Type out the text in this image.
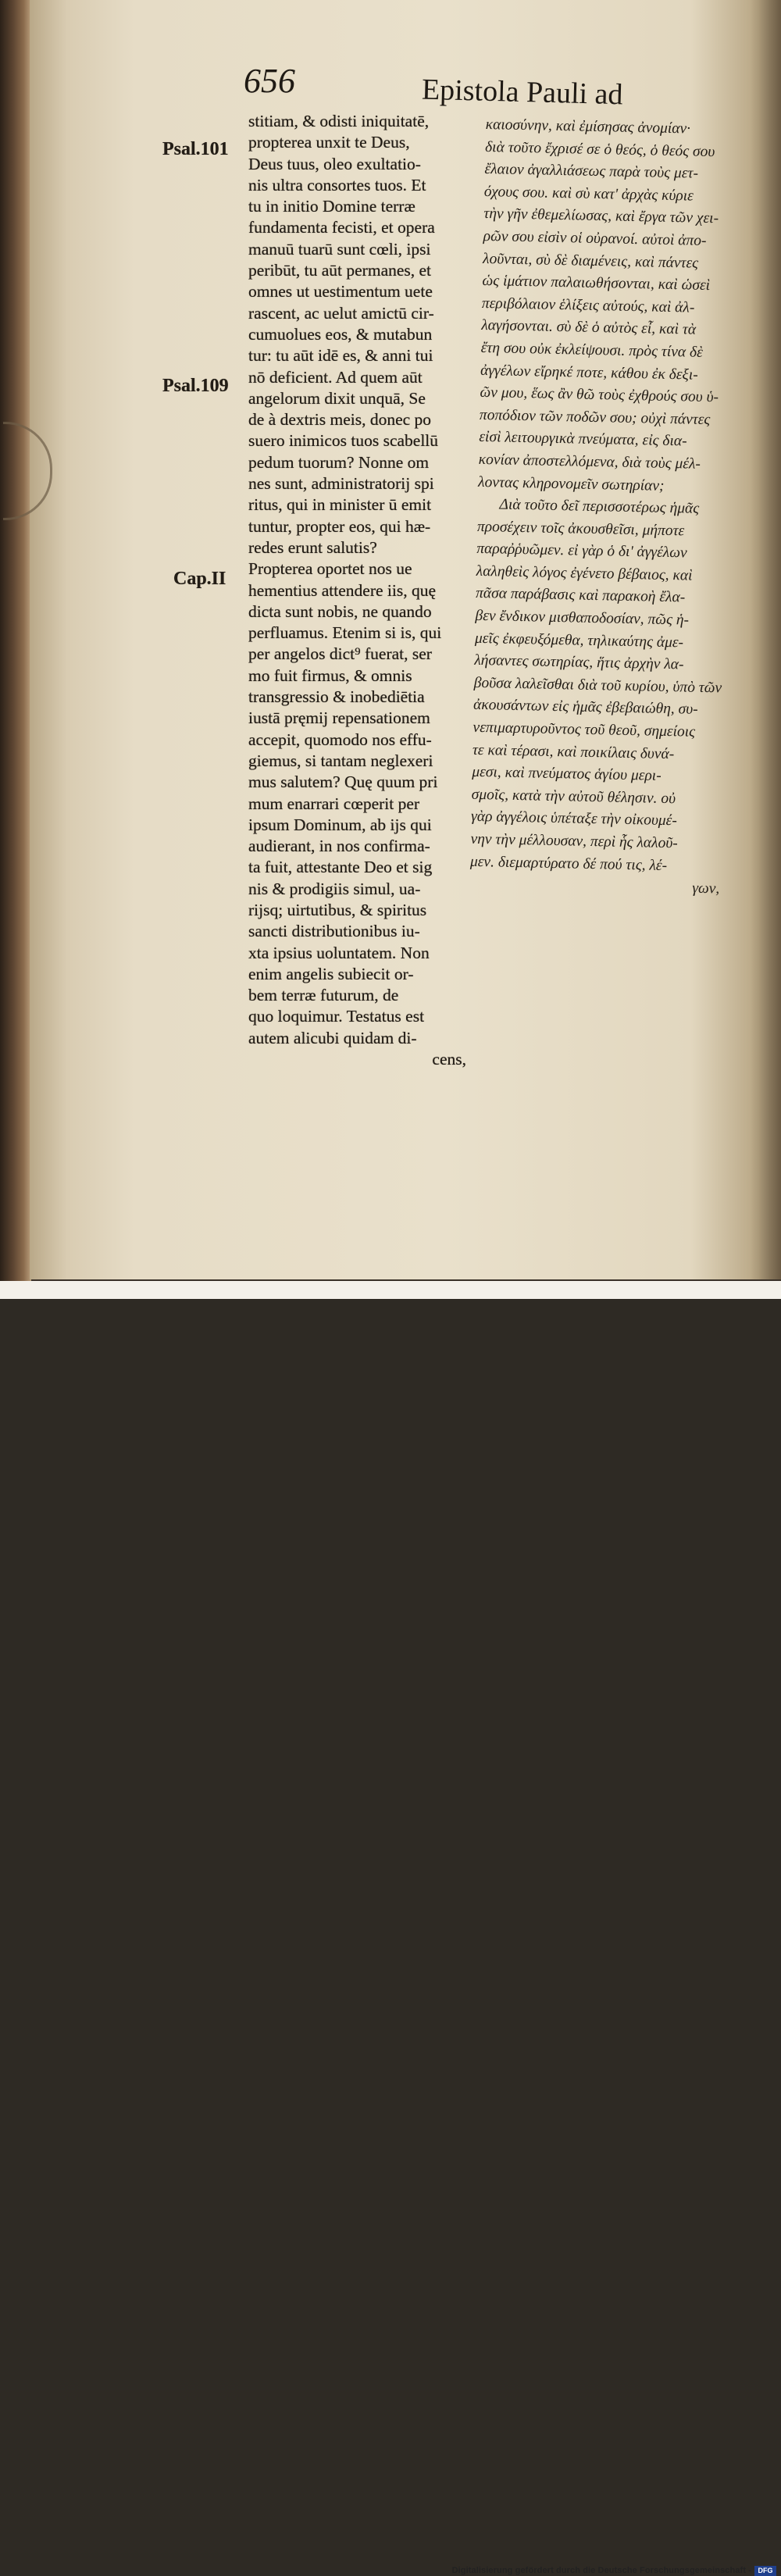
656	Epistola Pauli ad
Psal.101
Psal.109
Cap.II
stitiam, & odisti iniquitatē,
propterea unxit te Deus,
Deus tuus, oleo exultatio-
nis ultra consortes tuos. Et
tu in initio Domine terræ
fundamenta fecisti, et opera
manuū tuarū sunt cœli, ipsi
peribūt, tu aūt permanes, et
omnes ut uestimentum uete
rascent, ac uelut amictū cir-
cumuolues eos, & mutabun
tur: tu aūt idē es, & anni tui
nō deficient. Ad quem aūt
angelorum dixit unquā, Se
de à dextris meis, donec po
suero inimicos tuos scabellū
pedum tuorum? Nonne om
nes sunt, administratorij spi
ritus, qui in minister ū emit
tuntur, propter eos, qui hæ-
redes erunt salutis?
Propterea oportet nos ue
hementius attendere iis, quę
dicta sunt nobis, ne quando
perfluamus. Etenim si is, qui
per angelos dict⁹ fuerat, ser
mo fuit firmus, & omnis
transgressio & inobediētia
iustā pręmij repensationem
accepit, quomodo nos effu-
giemus, si tantam neglexeri
mus salutem? Quę quum pri
mum enarrari cœperit per
ipsum Dominum, ab ijs qui
audierant, in nos confirma-
ta fuit, attestante Deo et sig
nis & prodigiis simul, ua-
rijsq; uirtutibus, & spiritus
sancti distributionibus iu-
xta ipsius uoluntatem. Non
enim angelis subiecit or-
bem terræ futurum, de
quo loquimur. Testatus est
autem alicubi quidam di-
cens,
καιοσύνην, καὶ ἐμίσησας ἀνομίαν·
διὰ τοῦτο ἔχρισέ σε ὁ θεός, ὁ θεός σου
ἔλαιον ἀγαλλιάσεως παρὰ τοὺς μετ-
όχους σου. καὶ σὺ κατ' ἀρχὰς κύριε
τὴν γῆν ἐθεμελίωσας, καὶ ἔργα τῶν χει-
ρῶν σου εἰσὶν οἱ οὐρανοί. αὐτοὶ ἀπο-
λοῦνται, σὺ δὲ διαμένεις, καὶ πάντες
ὡς ἱμάτιον παλαιωθήσονται, καὶ ὡσεὶ
περιβόλαιον ἑλίξεις αὐτούς, καὶ ἀλ-
λαγήσονται. σὺ δὲ ὁ αὐτὸς εἶ, καὶ τὰ
ἔτη σου οὐκ ἐκλείψουσι. πρὸς τίνα δὲ
ἀγγέλων εἴρηκέ ποτε, κάθου ἐκ δεξι-
ῶν μου, ἕως ἂν θῶ τοὺς ἐχθρούς σου ὑ-
ποπόδιον τῶν ποδῶν σου; οὐχὶ πάντες
εἰσὶ λειτουργικὰ πνεύματα, εἰς δια-
κονίαν ἀποστελλόμενα, διὰ τοὺς μέλ-
λοντας κληρονομεῖν σωτηρίαν;
Διὰ τοῦτο δεῖ περισσοτέρως ἡμᾶς
προσέχειν τοῖς ἀκουσθεῖσι, μήποτε
παραῤῥυῶμεν. εἰ γὰρ ὁ δι' ἀγγέλων
λαληθεὶς λόγος ἐγένετο βέβαιος, καὶ
πᾶσα παράβασις καὶ παρακοὴ ἔλα-
βεν ἔνδικον μισθαποδοσίαν, πῶς ἡ-
μεῖς ἐκφευξόμεθα, τηλικαύτης ἀμε-
λήσαντες σωτηρίας, ἥτις ἀρχὴν λα-
βοῦσα λαλεῖσθαι διὰ τοῦ κυρίου, ὑπὸ τῶν
ἀκουσάντων εἰς ἡμᾶς ἐβεβαιώθη, συ-
νεπιμαρτυροῦντος τοῦ θεοῦ, σημείοις
τε καὶ τέρασι, καὶ ποικίλαις δυνά-
μεσι, καὶ πνεύματος ἁγίου μερι-
σμοῖς, κατὰ τὴν αὐτοῦ θέλησιν. οὐ
γὰρ ἀγγέλοις ὑπέταξε τὴν οἰκουμέ-
νην τὴν μέλλουσαν, περὶ ἧς λαλοῦ-
μεν. διεμαρτύρατο δέ πού τις, λέ-
γων,
Digitalisierung gefördert durch die Deutsche Forschungsgemeinschaft - DFG
